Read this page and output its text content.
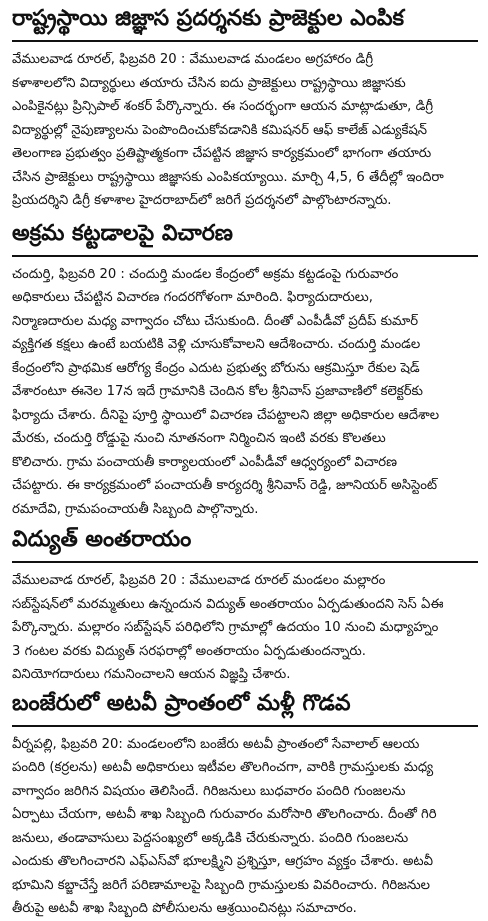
రాష్ట్రస్థాయి జిజ్ఞాస ప్రదర్శనకు ప్రాజెక్టుల ఎంపిక
వేములవాడ రూరల్, ఫిబ్రవరి 20 : వేములవాడ మండలం అగ్రహారం డిగ్రీ
కళాశాలలోని విద్యార్థులు తయారు చేసిన ఐదు ప్రాజెక్టులు రాష్ట్రస్థాయి జిజ్ఞాసకు
ఎంపికైనట్లు ప్రిన్సిపాల్ శంకర్ పేర్కొన్నారు. ఈ సందర్భంగా ఆయన మాట్లాడుతూ, డిగ్రీ
విద్యార్థుల్లో నైపుణ్యాలను పెంపొందించుకోవడానికి కమిషనర్ ఆఫ్ కాలేజ్ ఎడ్యుకేషన్
తెలంగాణ ప్రభుత్వం ప్రతిష్టాత్మకంగా చేపట్టిన జిజ్ఞాస కార్యక్రమంలో భాగంగా తయారు
చేసిన ప్రాజెక్టులు రాష్ట్రస్థాయి జిజ్ఞాసకు ఎంపికయ్యాయి. మార్చి 4,5, 6 తేదీల్లో ఇందిరా
ప్రియదర్శిని డిగ్రీ కళాశాల హైదరాబాద్‌లో జరిగే ప్రదర్శనలో పాల్గొంటారన్నారు.
అక్రమ కట్టడాలపై విచారణ
చందుర్తి, ఫిబ్రవరి 20 : చందుర్తి మండల కేంద్రంలో అక్రమ కట్టడంపై గురువారం
అధికారులు చేపట్టిన విచారణ గందరగోళంగా మారింది. ఫిర్యాదుదారులు,
నిర్మాణదారుల మధ్య వాగ్వాదం చోటు చేసుకుంది. దీంతో ఎంపీడీవో ప్రదీప్ కుమార్
వ్యక్తిగత కక్షలు ఉంటే బయటికి వెళ్లి చూసుకోవాలని ఆదేశించారు. చందుర్తి మండల
కేంద్రంలోని ప్రాథమిక ఆరోగ్య కేంద్రం ఎదుట ప్రభుత్వ బోరును ఆక్రమిస్తూ రేకుల షెడ్
వేశారంటూ ఈనెల 17న ఇదే గ్రామానికి చెందిన కోల శ్రీనివాస్ ప్రజావాణిలో కలెక్టర్‌కు
ఫిర్యాదు చేశారు. దీనిపై పూర్తి స్థాయిలో విచారణ చేపట్టాలని జిల్లా అధికారుల ఆదేశాల
మేరకు, చందుర్తి రోడ్డుపై నుంచి నూతనంగా నిర్మించిన ఇంటి వరకు కొలతలు
కొలిచారు. గ్రామ పంచాయతీ కార్యాలయంలో ఎంపీడీవో ఆధ్వర్యంలో విచారణ
చేపట్టారు. ఈ కార్యక్రమంలో పంచాయతీ కార్యదర్శి శ్రీనివాస్ రెడ్డి, జూనియర్ అసిస్టెంట్
రమాదేవి, గ్రామపంచాయతీ సిబ్బంది పాల్గొన్నారు.
విద్యుత్ అంతరాయం
వేములవాడ రూరల్, ఫిబ్రవరి 20 : వేములవాడ రూరల్ మండలం మల్లారం
సబ్‌స్టేషన్‌లో మరమ్మతులు ఉన్నందున విద్యుత్ అంతరాయం ఏర్పడుతుందని సెస్ ఏఈ
పేర్కొన్నారు. మల్లారం సబ్‌స్టేషన్ పరిధిలోని గ్రామాల్లో ఉదయం 10 నుంచి మధ్యాహ్నం
3 గంటల వరకు విద్యుత్ సరఫరాల్లో అంతరాయం ఏర్పడుతుందన్నారు.
వినియోగదారులు గమనించాలని ఆయన విజ్ఞప్తి చేశారు.
బంజేరులో అటవీ ప్రాంతంలో మళ్లీ గొడవ
వీర్నపల్లి, ఫిబ్రవరి 20: మండలంలోని బంజేరు అటవీ ప్రాంతంలో సేవాలాల్ ఆలయ
పందిరి (కర్రలను) అటవీ అధికారులు ఇటీవల తొలగించగా, వారికి గ్రామస్తులకు మధ్య
వాగ్వాదం జరిగిన విషయం తెలిసిందే. గిరిజనులు బుధవారం పందిరి గుంజలను
ఏర్పాటు చేయగా, అటవీ శాఖ సిబ్బంది గురువారం మరోసారి తొలగించారు. దీంతో గిరి
జనులు, తండావాసులు పెద్దసంఖ్యలో అక్కడికి చేరుకున్నారు. పందిరి గుంజలను
ఎందుకు తొలగించారని ఎఫ్ఎస్‌వో భూలక్ష్మిని ప్రశ్నిస్తూ, ఆగ్రహం వ్యక్తం చేశారు. అటవీ
భూమిని కబ్జాచేస్తే జరిగే పరిణామాలపై సిబ్బంది గ్రామస్తులకు వివరించారు. గిరిజనుల
తీరుపై అటవీ శాఖ సిబ్బంది పోలీసులను ఆశ్రయించినట్లు సమాచారం.
